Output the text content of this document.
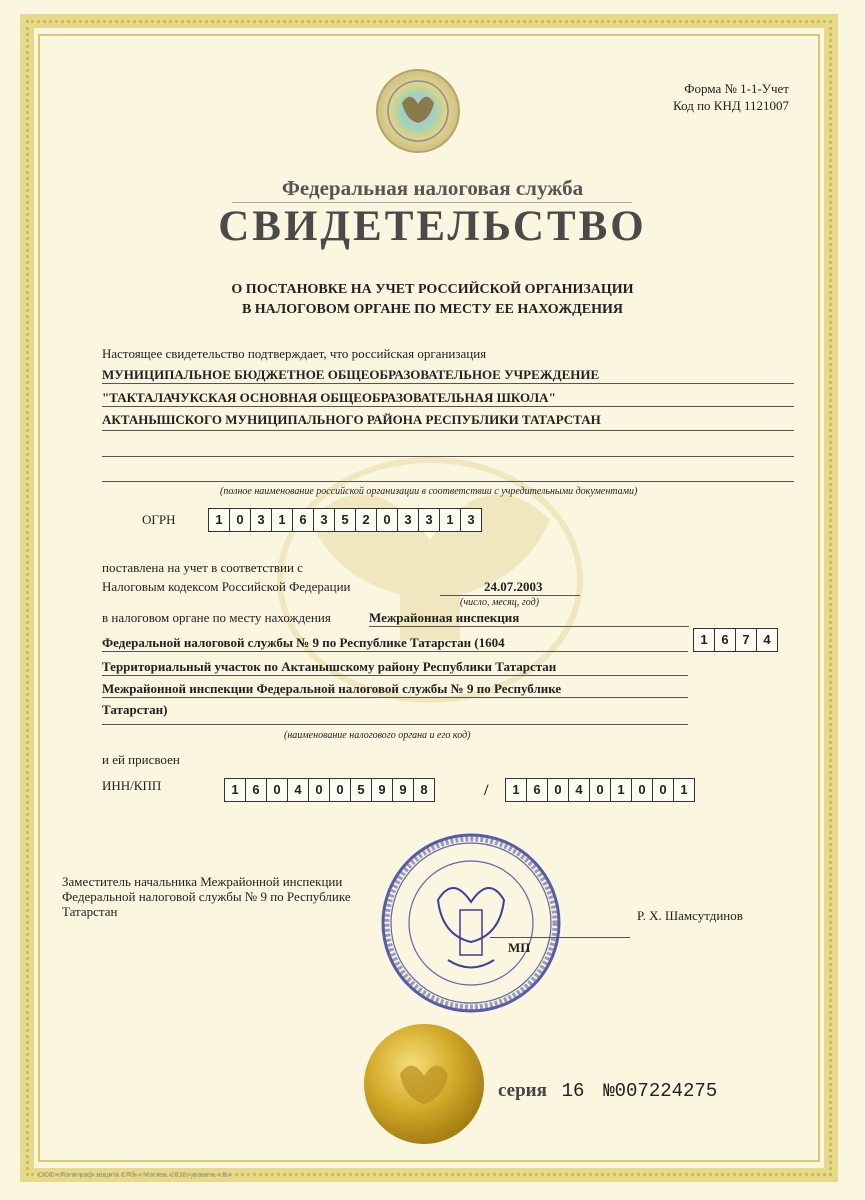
Форма № 1-1-Учет
Код по КНД 1121007
Федеральная налоговая служба
СВИДЕТЕЛЬСТВО
О ПОСТАНОВКЕ НА УЧЕТ РОССИЙСКОЙ ОРГАНИЗАЦИИ
В НАЛОГОВОМ ОРГАНЕ ПО МЕСТУ ЕЕ НАХОЖДЕНИЯ
Настоящее свидетельство подтверждает, что российская организация
МУНИЦИПАЛЬНОЕ БЮДЖЕТНОЕ ОБЩЕОБРАЗОВАТЕЛЬНОЕ УЧРЕЖДЕНИЕ
"ТАКТАЛАЧУКСКАЯ ОСНОВНАЯ ОБЩЕОБРАЗОВАТЕЛЬНАЯ ШКОЛА"
АКТАНЫШСКОГО МУНИЦИПАЛЬНОГО РАЙОНА РЕСПУБЛИКИ ТАТАРСТАН
(полное наименование российской организации в соответствии с учредительными документами)
ОГРН	1	0	3	1	6	3	5	2	0	3	3	1	3
поставлена на учет в соответствии с
Налоговым кодексом Российской Федерации	24.07.2003
(число, месяц, год)
в налоговом органе по месту нахождения	Межрайонная инспекция
Федеральной налоговой службы № 9 по Республике Татарстан (1604	1	6	7	4
Территориальный участок по Актанышскому району Республики Татарстан
Межрайонной инспекции Федеральной налоговой службы № 9 по Республике
Татарстан)
(наименование налогового органа и его код)
и ей присвоен
ИНН/КПП	1	6	0	4	0	0	5	9	9	8	/	1	6	0	4	0	1	0	0	1
Заместитель начальника Межрайонной инспекции
Федеральной налоговой службы № 9 по Республике
Татарстан	Р. Х. Шамсутдинов
МП
серия 16 №007224275
ООО «Полиграф-защита СПб», Москва, 2013, уровень «В»
